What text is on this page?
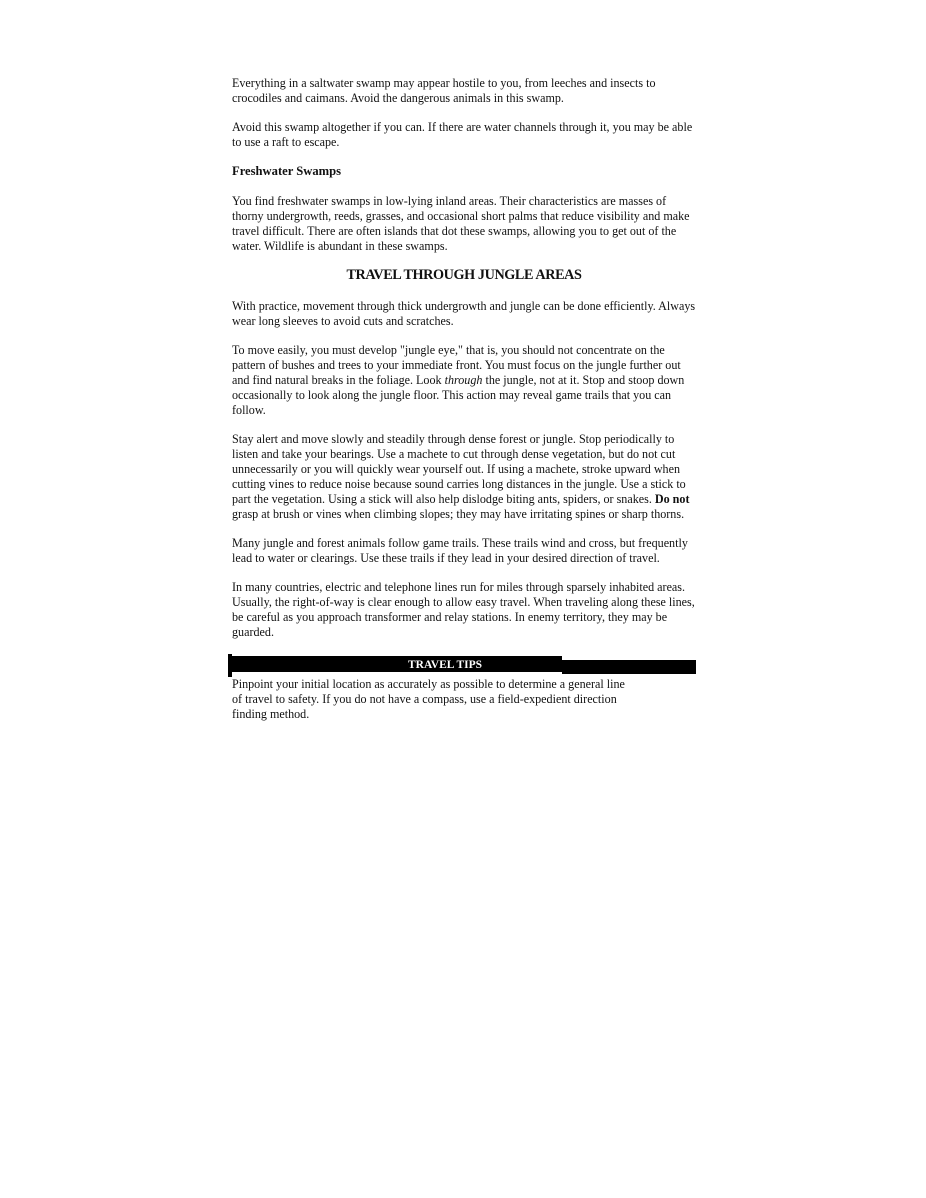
Everything in a saltwater swamp may appear hostile to you, from leeches and insects to crocodiles and caimans. Avoid the dangerous animals in this swamp.

Avoid this swamp altogether if you can. If there are water channels through it, you may be able to use a raft to escape.

Freshwater Swamps

You find freshwater swamps in low-lying inland areas. Their characteristics are masses of thorny undergrowth, reeds, grasses, and occasional short palms that reduce visibility and make travel difficult. There are often islands that dot these swamps, allowing you to get out of the water. Wildlife is abundant in these swamps.

TRAVEL THROUGH JUNGLE AREAS

With practice, movement through thick undergrowth and jungle can be done efficiently. Always wear long sleeves to avoid cuts and scratches.

To move easily, you must develop "jungle eye," that is, you should not concentrate on the pattern of bushes and trees to your immediate front. You must focus on the jungle further out and find natural breaks in the foliage. Look through the jungle, not at it. Stop and stoop down occasionally to look along the jungle floor. This action may reveal game trails that you can follow.

Stay alert and move slowly and steadily through dense forest or jungle. Stop periodically to listen and take your bearings. Use a machete to cut through dense vegetation, but do not cut unnecessarily or you will quickly wear yourself out. If using a machete, stroke upward when cutting vines to reduce noise because sound carries long distances in the jungle. Use a stick to part the vegetation. Using a stick will also help dislodge biting ants, spiders, or snakes. Do not grasp at brush or vines when climbing slopes; they may have irritating spines or sharp thorns.

Many jungle and forest animals follow game trails. These trails wind and cross, but frequently lead to water or clearings. Use these trails if they lead in your desired direction of travel.

In many countries, electric and telephone lines run for miles through sparsely inhabited areas. Usually, the right-of-way is clear enough to allow easy travel. When traveling along these lines, be careful as you approach transformer and relay stations. In enemy territory, they may be guarded.

TRAVEL TIPS

Pinpoint your initial location as accurately as possible to determine a general line of travel to safety. If you do not have a compass, use a field-expedient direction finding method.
